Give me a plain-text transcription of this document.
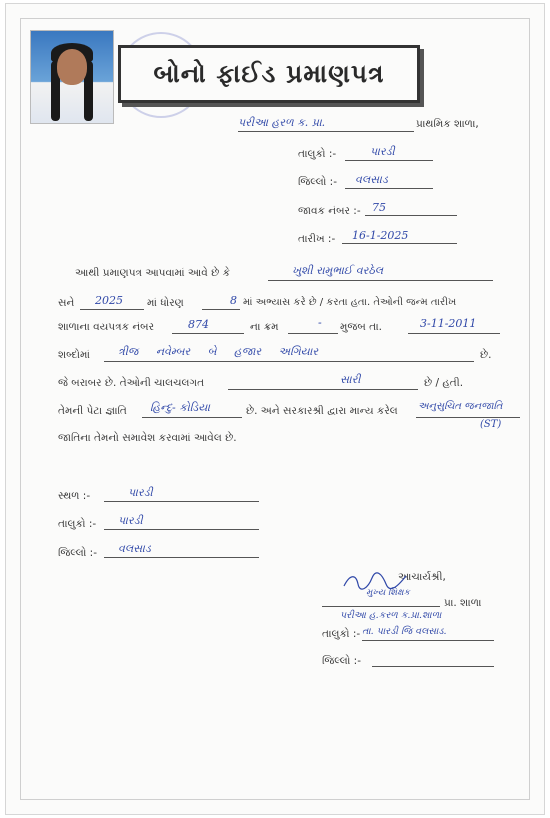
બોનો ફાઈડ પ્રમાણપત્ર
પરીઆ હરળ ક. પ્રા.	પ્રાથમિક શાળા,
તાલુકો :-	પારડી
જિલ્લો :- વલસાડ
જાવક નંબર :- 75
તારીખ :- 16-1-2025
આથી પ્રમાણપત્ર આપવામાં આવે છે કે	ખુશી રામુભાઈ વરઠેલ
સને 2025 માં ધોરણ	8 માં અભ્યાસ કરે છે / કરતા હતા. તેઓની જન્મ તારીખ
શાળાના વયપત્રક નંબર	874	ના ક્રમ	- મુજબ તા.	3-11-2011
શબ્દોમાં	ત્રીજ નવેમ્બર બે હજાર અગિયાર	છે.
જે બરાબર છે. તેઓની ચાલચલગત	સારી	છે / હતી.
તેમની પેટા જ્ઞાતિ હિન્દુ- કોડિયા	છે. અને સરકારશ્રી દ્વારા માન્ય કરેલ અનુસુચિત જનજાતિ
(ST)
જાતિના તેમનો સમાવેશ કરવામાં આવેલ છે.
સ્થળ :-	પારડી
તાલુકો :- પારડી
જિલ્લો :- વલસાડ
આચાર્યશ્રી,
મુખ્ય શિક્ષક
પ્રા. શાળા
પરીઆ હ.કરળ ક.પ્રા.શાળા
તાલુકો :- તા. પારડી જિ વલસાડ.
જિલ્લો :-
